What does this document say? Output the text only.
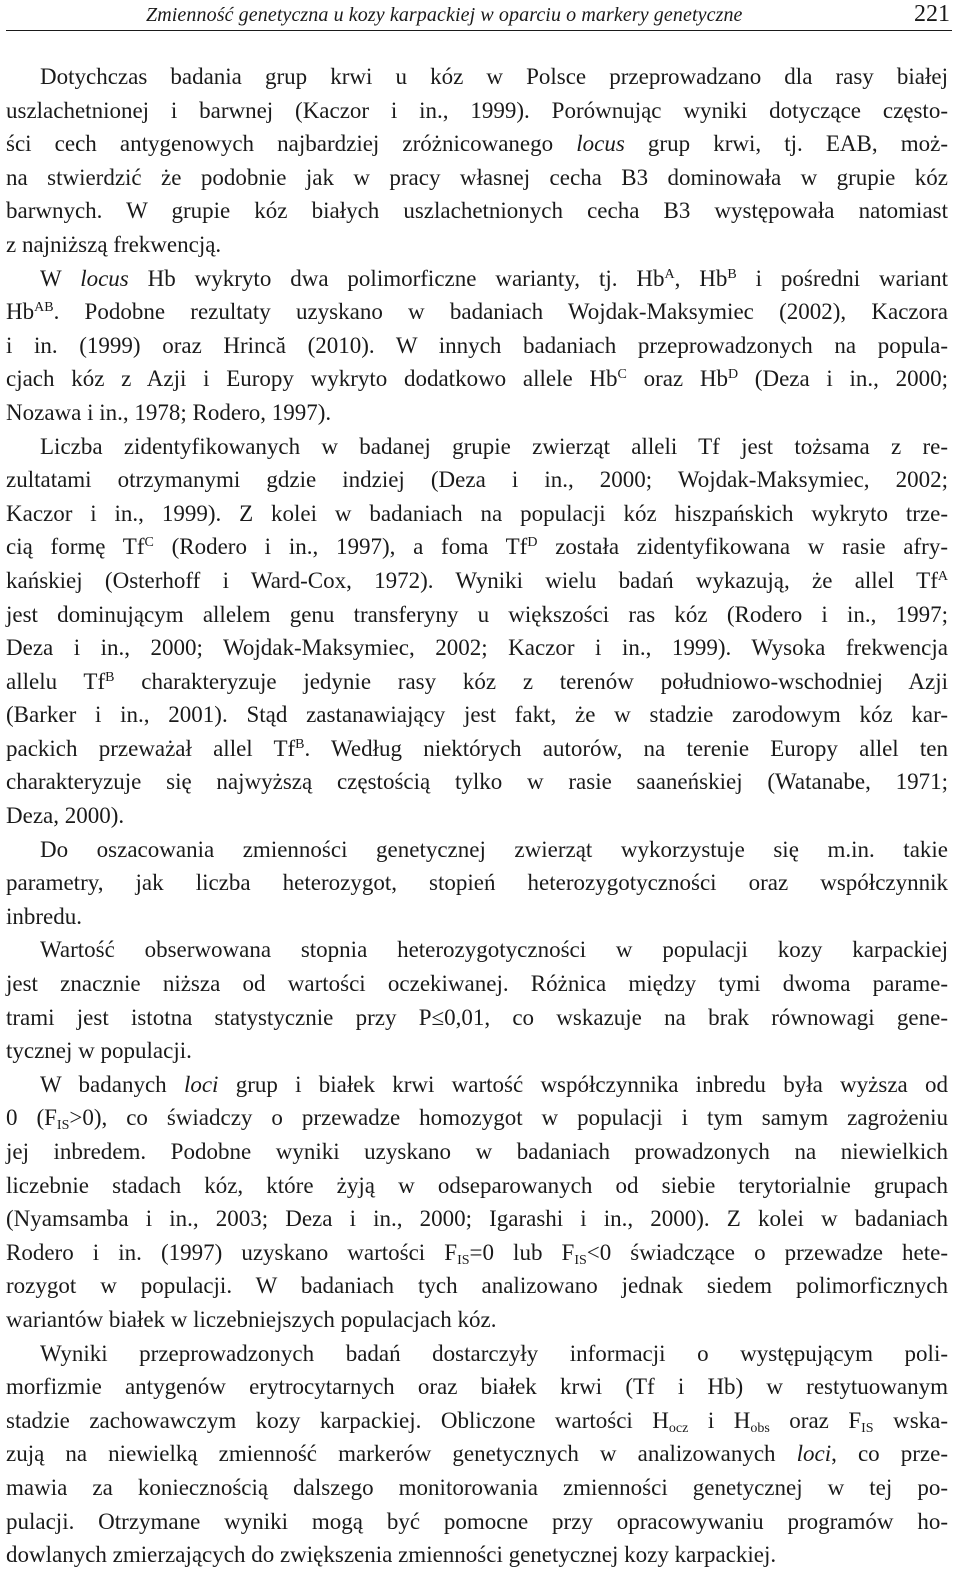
Zmienność genetyczna u kozy karpackiej w oparciu o markery genetyczne	221
Dotychczas badania grup krwi u kóz w Polsce przeprowadzano dla rasy białej
uszlachetnionej i barwnej (Kaczor i in., 1999). Porównując wyniki dotyczące często-
ści cech antygenowych najbardziej zróżnicowanego locus grup krwi, tj. EAB, moż-
na stwierdzić że podobnie jak w pracy własnej cecha B3 dominowała w grupie kóz
barwnych. W grupie kóz białych uszlachetnionych cecha B3 występowała natomiast
z najniższą frekwencją.
W locus Hb wykryto dwa polimorficzne warianty, tj. $Hb^A$, $Hb^B$ i pośredni wariant
$Hb^{AB}$. Podobne rezultaty uzyskano w badaniach Wojdak-Maksymiec (2002), Kaczora
i in. (1999) oraz Hrincă (2010). W innych badaniach przeprowadzonych na popula-
cjach kóz z Azji i Europy wykryto dodatkowo allele $Hb^C$ oraz $Hb^D$ (Deza i in., 2000;
Nozawa i in., 1978; Rodero, 1997).
Liczba zidentyfikowanych w badanej grupie zwierząt alleli Tf jest tożsama z re-
zultatami otrzymanymi gdzie indziej (Deza i in., 2000; Wojdak-Maksymiec, 2002;
Kaczor i in., 1999). Z kolei w badaniach na populacji kóz hiszpańskich wykryto trze-
cią formę $Tf^C$ (Rodero i in., 1997), a foma $Tf^D$ została zidentyfikowana w rasie afry-
kańskiej (Osterhoff i Ward-Cox, 1972). Wyniki wielu badań wykazują, że allel $Tf^A$
jest dominującym allelem genu transferyny u większości ras kóz (Rodero i in., 1997;
Deza i in., 2000; Wojdak-Maksymiec, 2002; Kaczor i in., 1999). Wysoka frekwencja
allelu $Tf^B$ charakteryzuje jedynie rasy kóz z terenów południowo-wschodniej Azji
(Barker i in., 2001). Stąd zastanawiający jest fakt, że w stadzie zarodowym kóz kar-
packich przeważał allel $Tf^B$. Według niektórych autorów, na terenie Europy allel ten
charakteryzuje się najwyższą częstością tylko w rasie saaneńskiej (Watanabe, 1971;
Deza, 2000).
Do oszacowania zmienności genetycznej zwierząt wykorzystuje się m.in. takie
parametry, jak liczba heterozygot, stopień heterozygotyczności oraz współczynnik
inbredu.
Wartość obserwowana stopnia heterozygotyczności w populacji kozy karpackiej
jest znacznie niższa od wartości oczekiwanej. Różnica między tymi dwoma parame-
trami jest istotna statystycznie przy P≤0,01, co wskazuje na brak równowagi gene-
tycznej w populacji.
W badanych loci grup i białek krwi wartość współczynnika inbredu była wyższa od
0 $(F_{IS}>0)$, co świadczy o przewadze homozygot w populacji i tym samym zagrożeniu
jej inbredem. Podobne wyniki uzyskano w badaniach prowadzonych na niewielkich
liczebnie stadach kóz, które żyją w odseparowanych od siebie terytorialnie grupach
(Nyamsamba i in., 2003; Deza i in., 2000; Igarashi i in., 2000). Z kolei w badaniach
Rodero i in. (1997) uzyskano wartości $F_{IS}=0$ lub $F_{IS}<0$ świadczące o przewadze hete-
rozygot w populacji. W badaniach tych analizowano jednak siedem polimorficznych
wariantów białek w liczebniejszych populacjach kóz.
Wyniki przeprowadzonych badań dostarczyły informacji o występującym poli-
morfizmie antygenów erytrocytarnych oraz białek krwi (Tf i Hb) w restytuowanym
stadzie zachowawczym kozy karpackiej. Obliczone wartości $H_{ocz}$ i $H_{obs}$ oraz $F_{IS}$ wska-
zują na niewielką zmienność markerów genetycznych w analizowanych loci, co prze-
mawia za koniecznością dalszego monitorowania zmienności genetycznej w tej po-
pulacji. Otrzymane wyniki mogą być pomocne przy opracowywaniu programów ho-
dowlanych zmierzających do zwiększenia zmienności genetycznej kozy karpackiej.
